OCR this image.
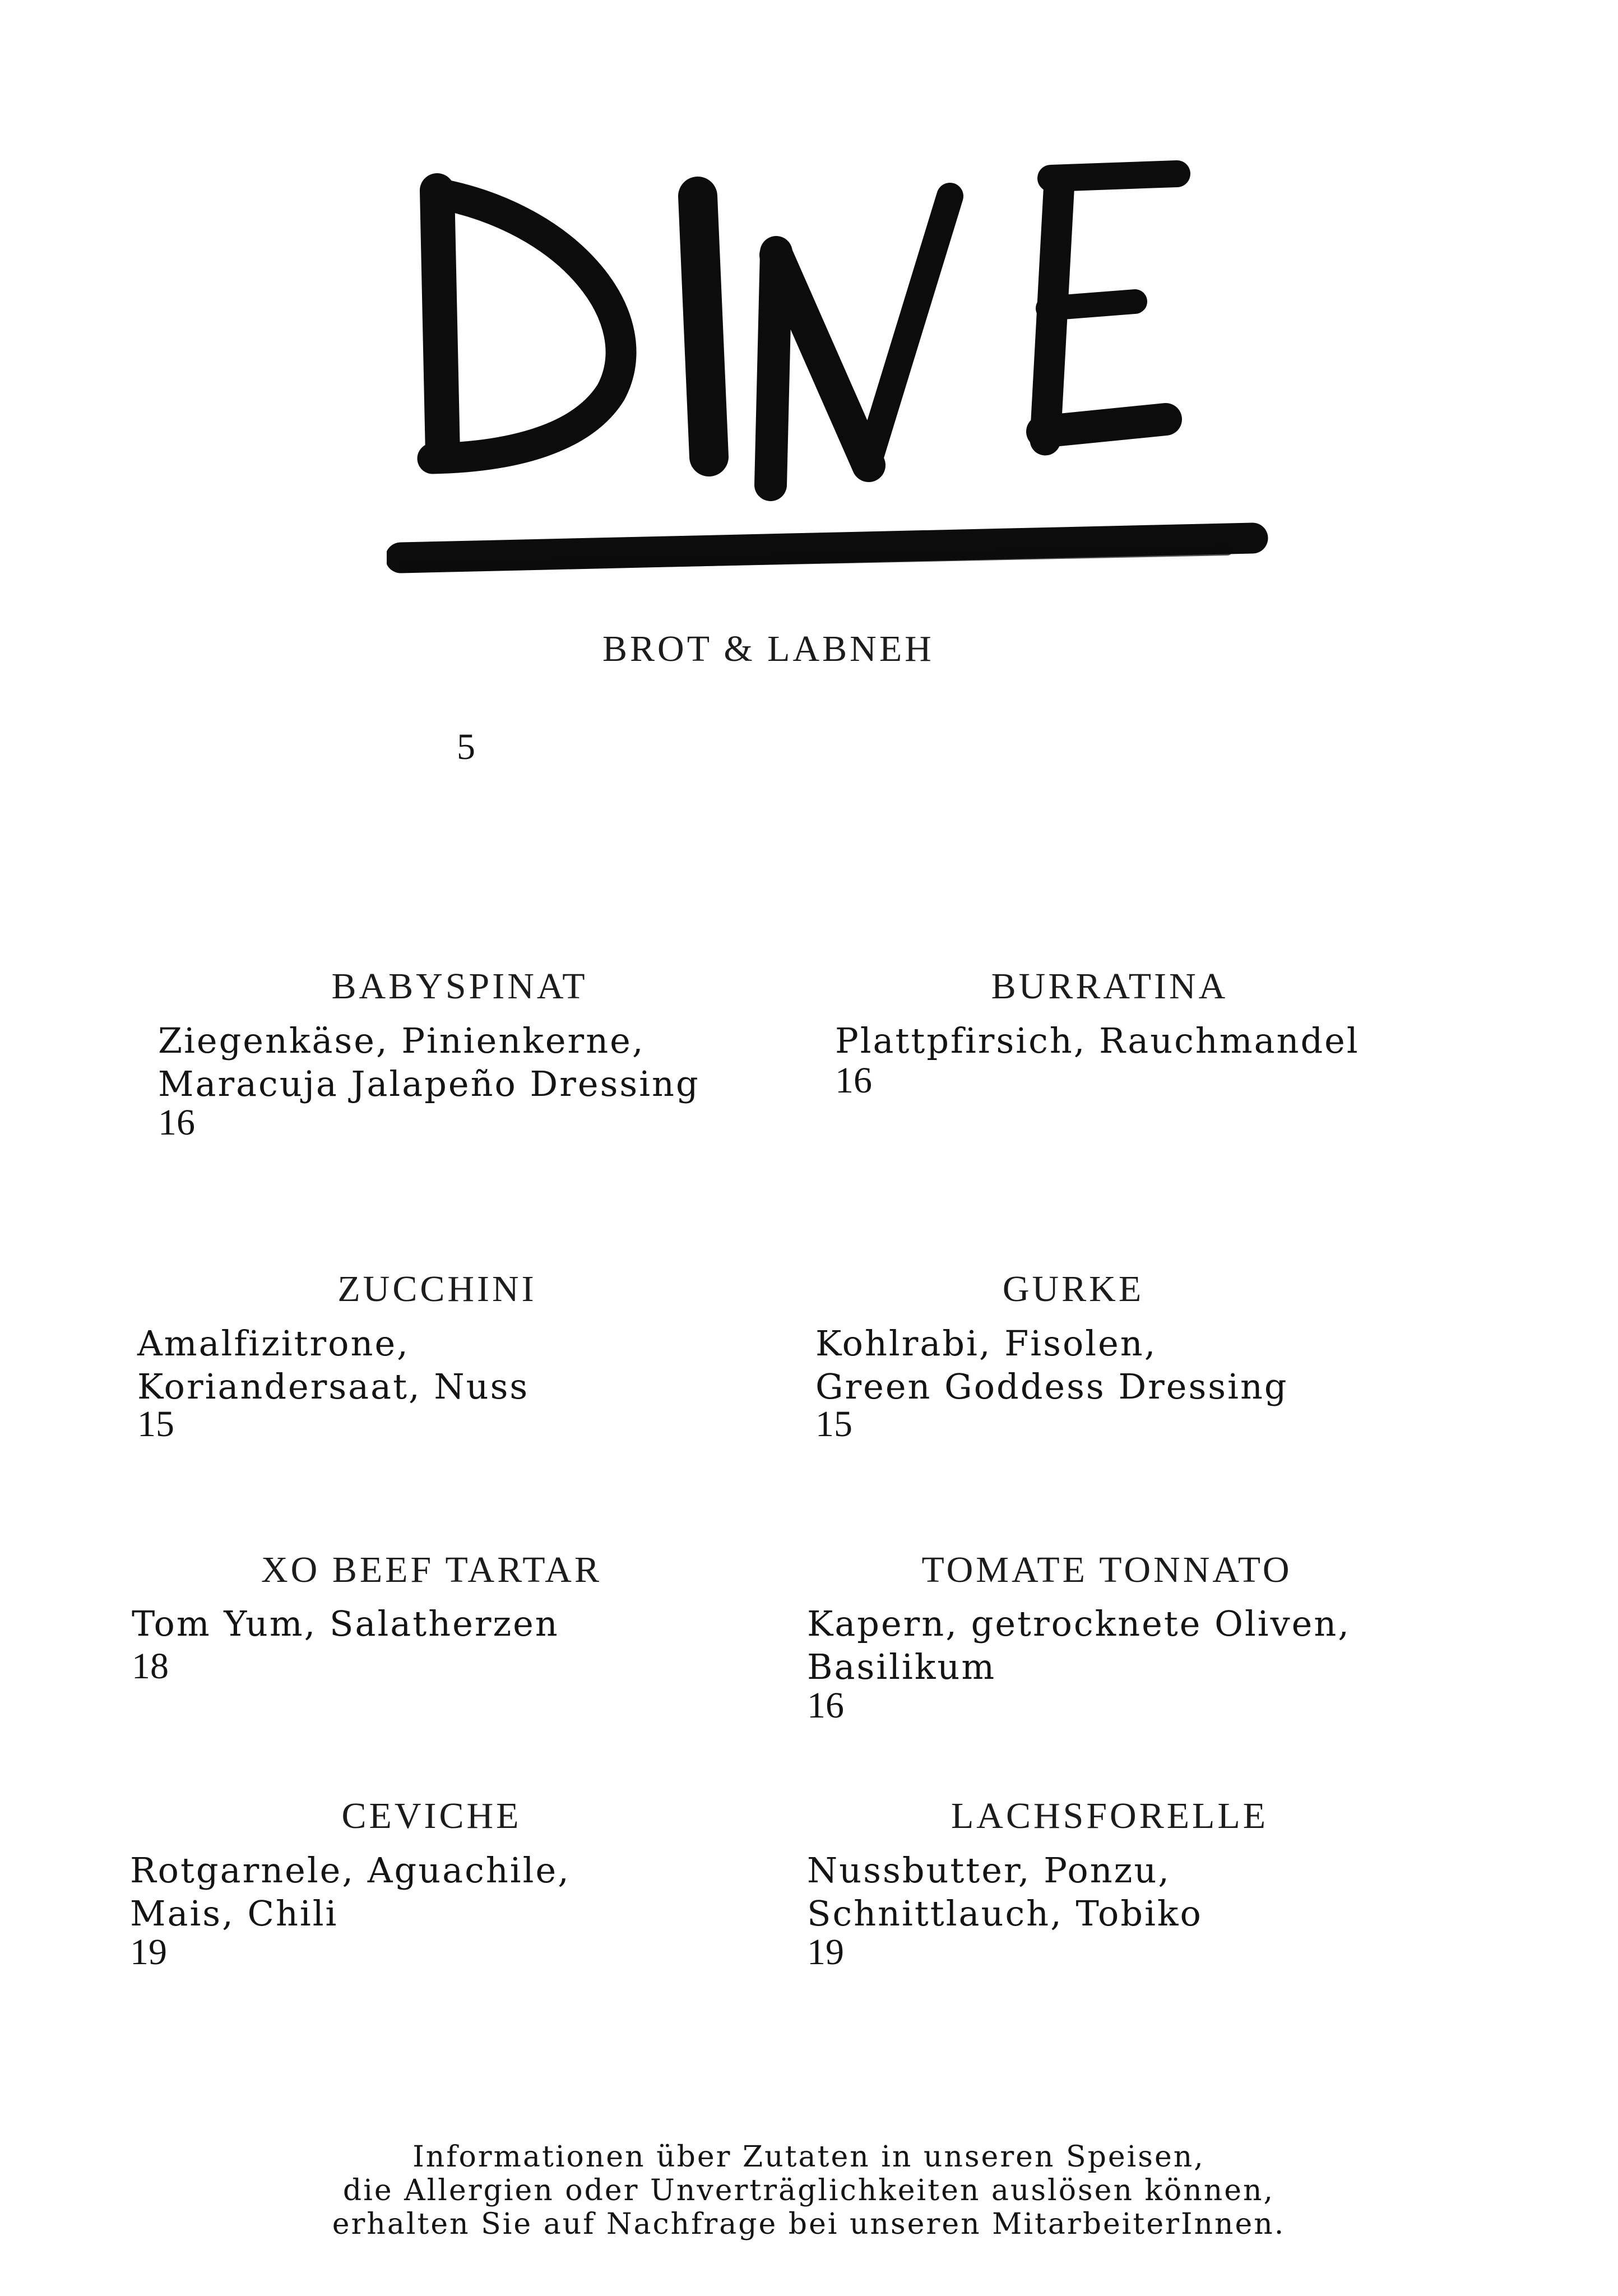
BROT & LABNEH
5
BABYSPINAT
Ziegenkäse, Pinienkerne,
Maracuja Jalapeño Dressing
16
BURRATINA
Plattpfirsich, Rauchmandel
16
ZUCCHINI
Amalfizitrone,
Koriandersaat, Nuss
15
GURKE
Kohlrabi, Fisolen,
Green Goddess Dressing
15
XO BEEF TARTAR
Tom Yum, Salatherzen
18
TOMATE TONNATO
Kapern, getrocknete Oliven,
Basilikum
16
CEVICHE
Rotgarnele, Aguachile,
Mais, Chili
19
LACHSFORELLE
Nussbutter, Ponzu,
Schnittlauch, Tobiko
19
Informationen über Zutaten in unseren Speisen,
die Allergien oder Unverträglichkeiten auslösen können,
erhalten Sie auf Nachfrage bei unseren MitarbeiterInnen.
